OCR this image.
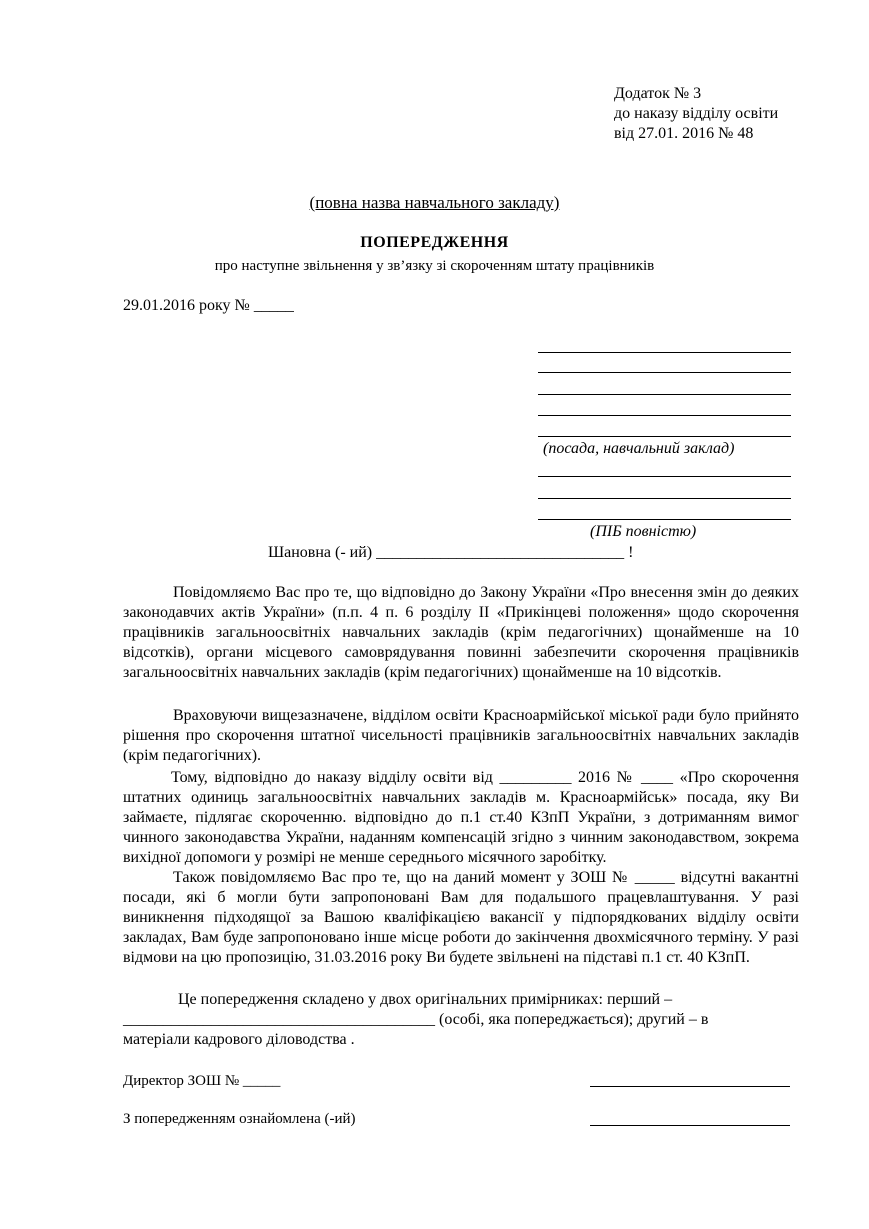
Додаток № 3
до наказу відділу освіти
від 27.01. 2016 № 48
(повна назва навчального закладу)
ПОПЕРЕДЖЕННЯ
про наступне звільнення у зв’язку зі скороченням штату працівників
29.01.2016 року № _____
(посада, навчальний заклад)
(ПІБ повністю)
Шановна (- ий) _______________________________ !

Повідомляємо Вас про те, що відповідно до Закону України «Про внесення змін до деяких законодавчих актів України» (п.п. 4 п. 6 розділу ІІ «Прикінцеві положення» щодо скорочення працівників загальноосвітніх навчальних закладів (крім педагогічних) щонайменше на 10 відсотків), органи місцевого самоврядування повинні забезпечити скорочення працівників загальноосвітніх навчальних закладів (крім педагогічних) щонайменше на 10 відсотків.

Враховуючи вищезазначене, відділом освіти Красноармійської міської ради було прийнято рішення про скорочення штатної чисельності працівників загальноосвітніх навчальних закладів (крім педагогічних).

Тому, відповідно до наказу відділу освіти від _________ 2016 № ____ «Про скорочення штатних одиниць загальноосвітніх навчальних закладів м. Красноармійськ» посада, яку Ви займаєте, підлягає скороченню. відповідно до п.1 ст.40 КЗпП України, з дотриманням вимог чинного законодавства України, наданням компенсацій згідно з чинним законодавством, зокрема вихідної допомоги у розмірі не менше середнього місячного заробітку.

Також повідомляємо Вас про те, що на даний момент у ЗОШ № _____ відсутні вакантні посади, які б могли бути запропоновані Вам для подальшого працевлаштування. У разі виникнення підходящої за Вашою кваліфікацією вакансії у підпорядкованих відділу освіти закладах, Вам буде запропоновано інше місце роботи до закінчення двохмісячного терміну. У разі відмови на цю пропозицію, 31.03.2016 року Ви будете звільнені на підставі п.1 ст. 40 КЗпП.

Це попередження складено у двох оригінальних примірниках: перший –
_______________________________________ (особі, яка попереджається); другий – в
матеріали кадрового діловодства .
Директор ЗОШ № _____
З попередженням ознайомлена (-ий)
